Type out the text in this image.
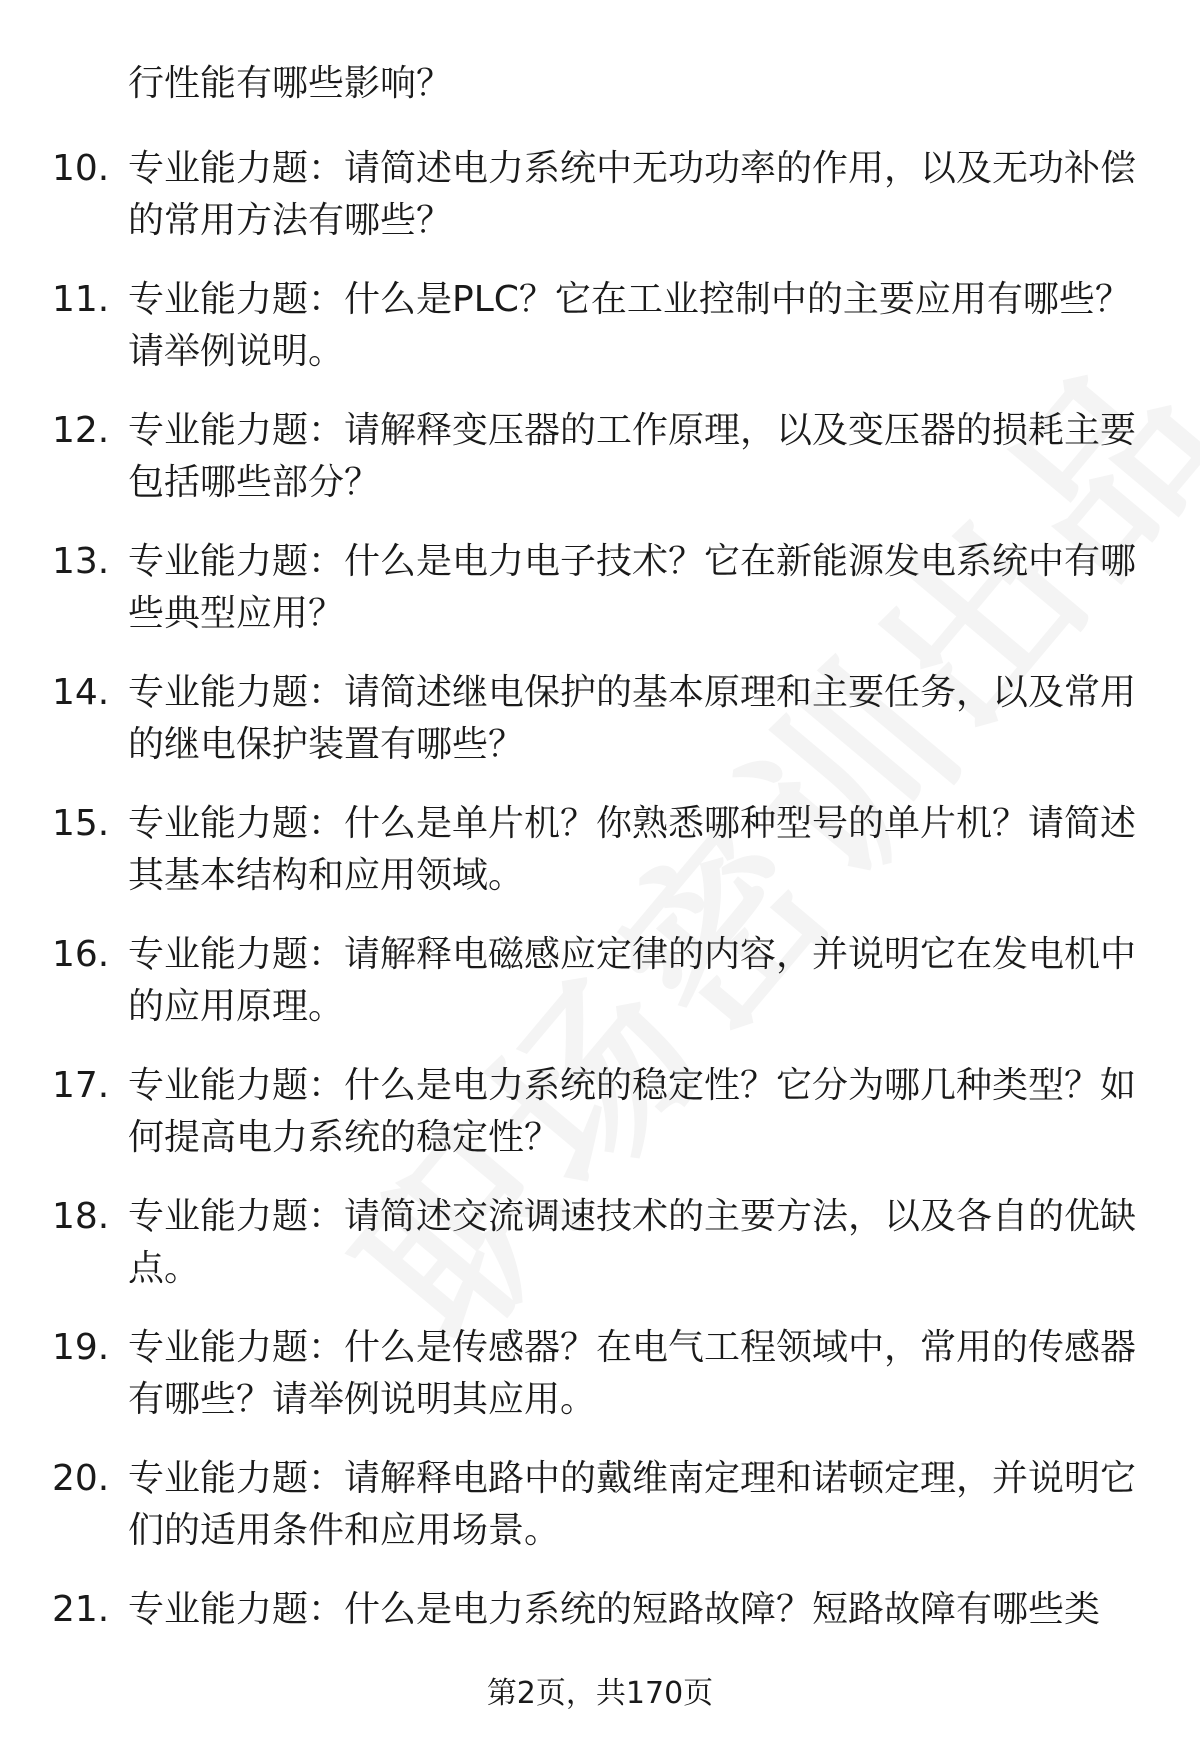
行性能有哪些影响？

10. 专业能力题：请简述电力系统中无功功率的作用，以及无功补偿的常用方法有哪些？
11. 专业能力题：什么是PLC？它在工业控制中的主要应用有哪些？请举例说明。
12. 专业能力题：请解释变压器的工作原理，以及变压器的损耗主要包括哪些部分？
13. 专业能力题：什么是电力电子技术？它在新能源发电系统中有哪些典型应用？
14. 专业能力题：请简述继电保护的基本原理和主要任务，以及常用的继电保护装置有哪些？
15. 专业能力题：什么是单片机？你熟悉哪种型号的单片机？请简述其基本结构和应用领域。
16. 专业能力题：请解释电磁感应定律的内容，并说明它在发电机中的应用原理。
17. 专业能力题：什么是电力系统的稳定性？它分为哪几种类型？如何提高电力系统的稳定性？
18. 专业能力题：请简述交流调速技术的主要方法，以及各自的优缺点。
19. 专业能力题：什么是传感器？在电气工程领域中，常用的传感器有哪些？请举例说明其应用。
20. 专业能力题：请解释电路中的戴维南定理和诺顿定理，并说明它们的适用条件和应用场景。
21. 专业能力题：什么是电力系统的短路故障？短路故障有哪些类
第2页，共170页
